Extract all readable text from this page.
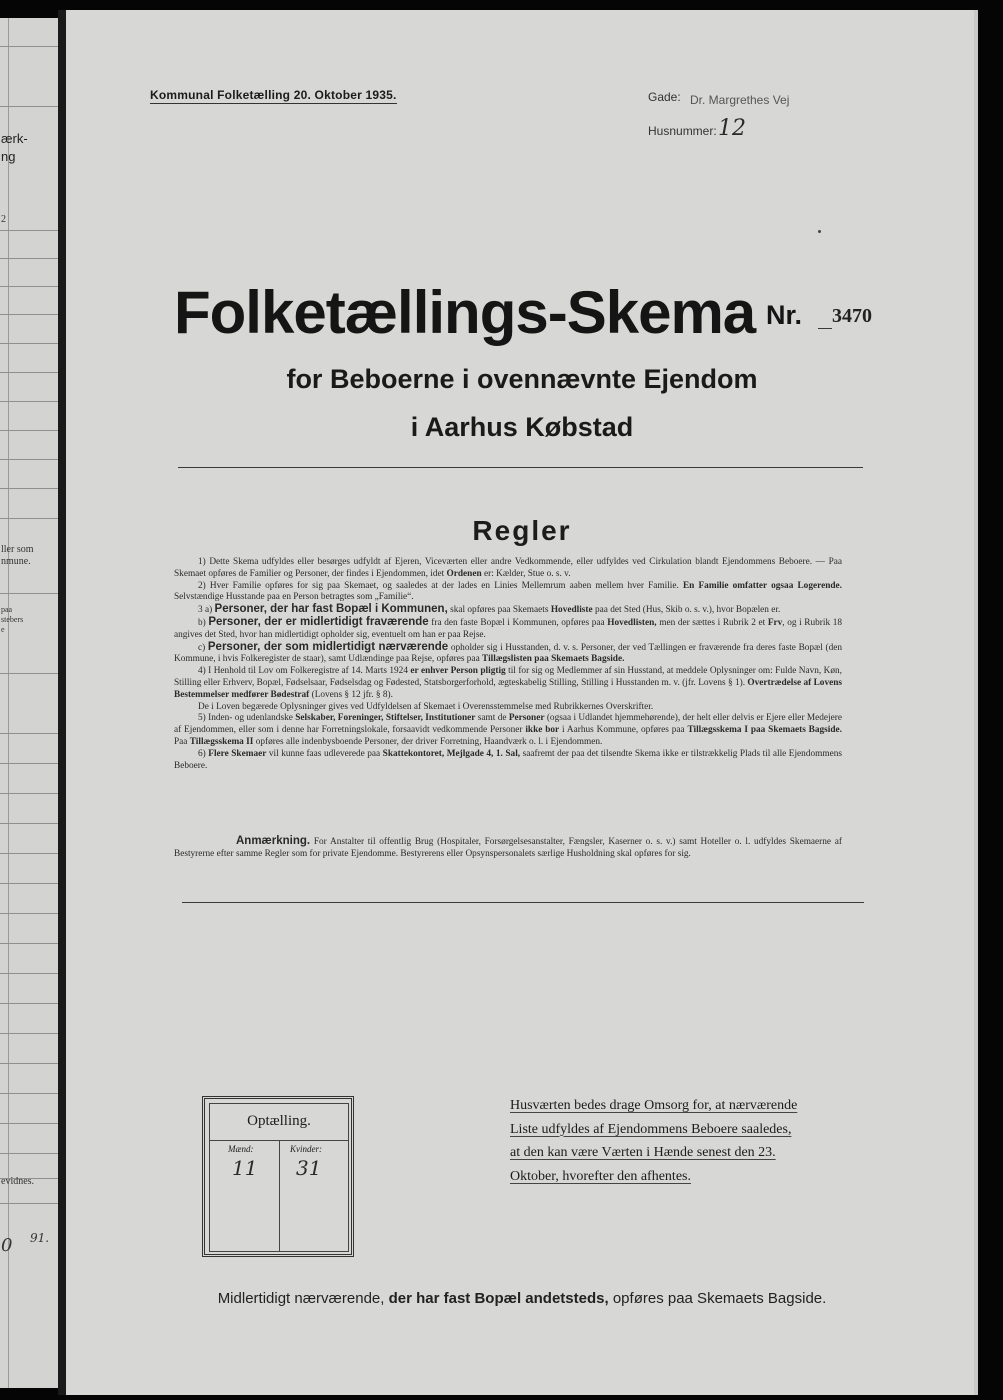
ærk-
ng
2
ller som
nmune.
paa
stebers
e
evidnes.
0 91.
Kommunal Folketælling 20. Oktober 1935.	Gade: Dr. Margrethes Vej
Husnummer: 12
Folketællings-Skema Nr. 3470
for Beboerne i ovennævnte Ejendom
i Aarhus Købstad
Regler

1) Dette Skema udfyldes eller besørges udfyldt af Ejeren, Viceværten eller andre Vedkommende, eller udfyldes ved Cirkulation blandt Ejendommens Beboere. — Paa Skemaet opføres de Familier og Personer, der findes i Ejendommen, idet Ordenen er: Kælder, Stue o. s. v.

2) Hver Familie opføres for sig paa Skemaet, og saaledes at der lades en Linies Mellemrum aaben mellem hver Familie. En Familie omfatter ogsaa Logerende. Selvstændige Husstande paa en Person betragtes som „Familie“.

3 a) Personer, der har fast Bopæl i Kommunen, skal opføres paa Skemaets Hovedliste paa det Sted (Hus, Skib o. s. v.), hvor Bopælen er.

b) Personer, der er midlertidigt fraværende fra den faste Bopæl i Kommunen, opføres paa Hovedlisten, men der sættes i Rubrik 2 et Frv, og i Rubrik 18 angives det Sted, hvor han midlertidigt opholder sig, eventuelt om han er paa Rejse.

c) Personer, der som midlertidigt nærværende opholder sig i Husstanden, d. v. s. Personer, der ved Tællingen er fraværende fra deres faste Bopæl (den Kommune, i hvis Folkeregister de staar), samt Udlændinge paa Rejse, opføres paa Tillægslisten paa Skemaets Bagside.

4) I Henhold til Lov om Folkeregistre af 14. Marts 1924 er enhver Person pligtig til for sig og Medlemmer af sin Husstand, at meddele Oplysninger om: Fulde Navn, Køn, Stilling eller Erhverv, Bopæl, Fødselsaar, Fødselsdag og Fødested, Statsborgerforhold, ægteskabelig Stilling, Stilling i Husstanden m. v. (jfr. Lovens § 1). Overtrædelse af Lovens Bestemmelser medfører Bødestraf (Lovens § 12 jfr. § 8).

De i Loven begærede Oplysninger gives ved Udfyldelsen af Skemaet i Overensstemmelse med Rubrikkernes Overskrifter.

5) Inden- og udenlandske Selskaber, Foreninger, Stiftelser, Institutioner samt de Personer (ogsaa i Udlandet hjemmehørende), der helt eller delvis er Ejere eller Medejere af Ejendommen, eller som i denne har Forretningslokale, forsaavidt vedkommende Personer ikke bor i Aarhus Kommune, opføres paa Tillægsskema I paa Skemaets Bagside. Paa Tillægsskema II opføres alle indenbysboende Personer, der driver Forretning, Haandværk o. l. i Ejendommen.

6) Flere Skemaer vil kunne faas udleverede paa Skattekontoret, Mejlgade 4, 1. Sal, saafremt der paa det tilsendte Skema ikke er tilstrækkelig Plads til alle Ejendommens Beboere.

Anmærkning. For Anstalter til offentlig Brug (Hospitaler, Forsørgelsesanstalter, Fængsler, Kaserner o. s. v.) samt Hoteller o. l. udfyldes Skemaerne af Bestyrerne efter samme Regler som for private Ejendomme. Bestyrerens eller Opsynspersonalets særlige Husholdning skal opføres for sig.

Optælling.
Mænd:	Kvinder:
11 31
Husværten bedes drage Omsorg for, at nærværende
Liste udfyldes af Ejendommens Beboere saaledes,
at den kan være Værten i Hænde senest den 23.
Oktober, hvorefter den afhentes.
Midlertidigt nærværende, der har fast Bopæl andetsteds, opføres paa Skemaets Bagside.
